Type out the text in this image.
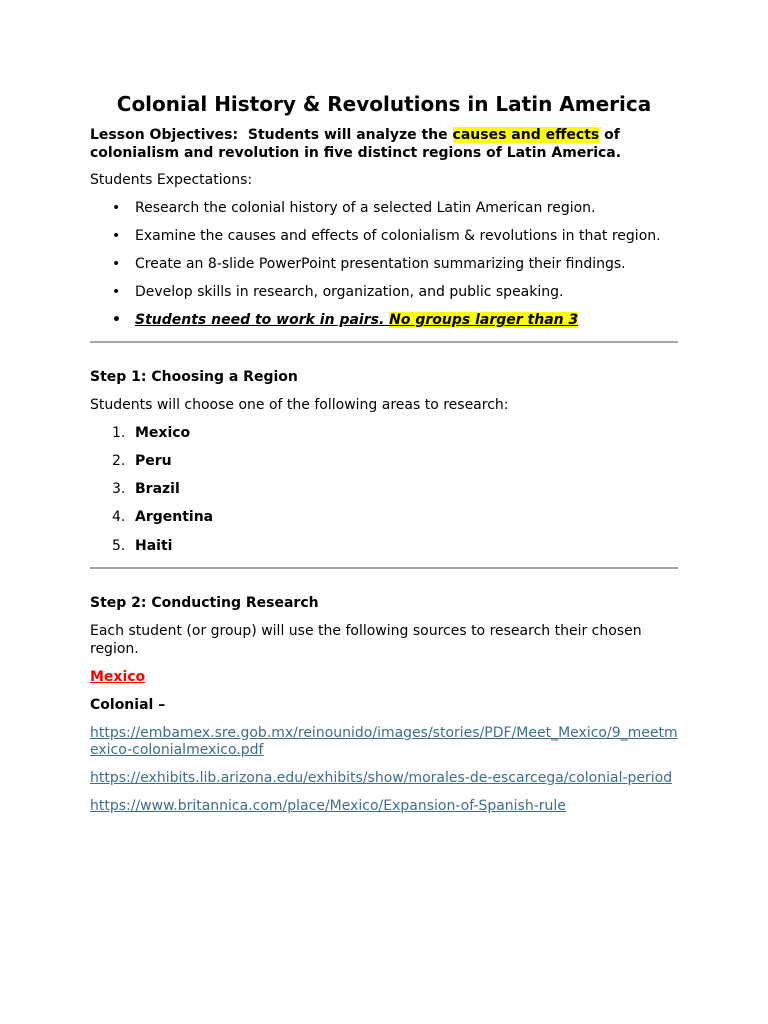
Colonial History & Revolutions in Latin America

Lesson Objectives: Students will analyze the causes and effects of colonialism and revolution in five distinct regions of Latin America.

Students Expectations:

• Research the colonial history of a selected Latin American region.
• Examine the causes and effects of colonialism & revolutions in that region.
• Create an 8-slide PowerPoint presentation summarizing their findings.
• Develop skills in research, organization, and public speaking.
• Students need to work in pairs. No groups larger than 3

Step 1: Choosing a Region

Students will choose one of the following areas to research:

1. Mexico
2. Peru
3. Brazil
4. Argentina
5. Haiti

Step 2: Conducting Research

Each student (or group) will use the following sources to research their chosen region.

Mexico

Colonial –

https://embamex.sre.gob.mx/reinounido/images/stories/PDF/Meet_Mexico/9_meetmexico-colonialmexico.pdf
https://exhibits.lib.arizona.edu/exhibits/show/morales-de-escarcega/colonial-period
https://www.britannica.com/place/Mexico/Expansion-of-Spanish-rule
